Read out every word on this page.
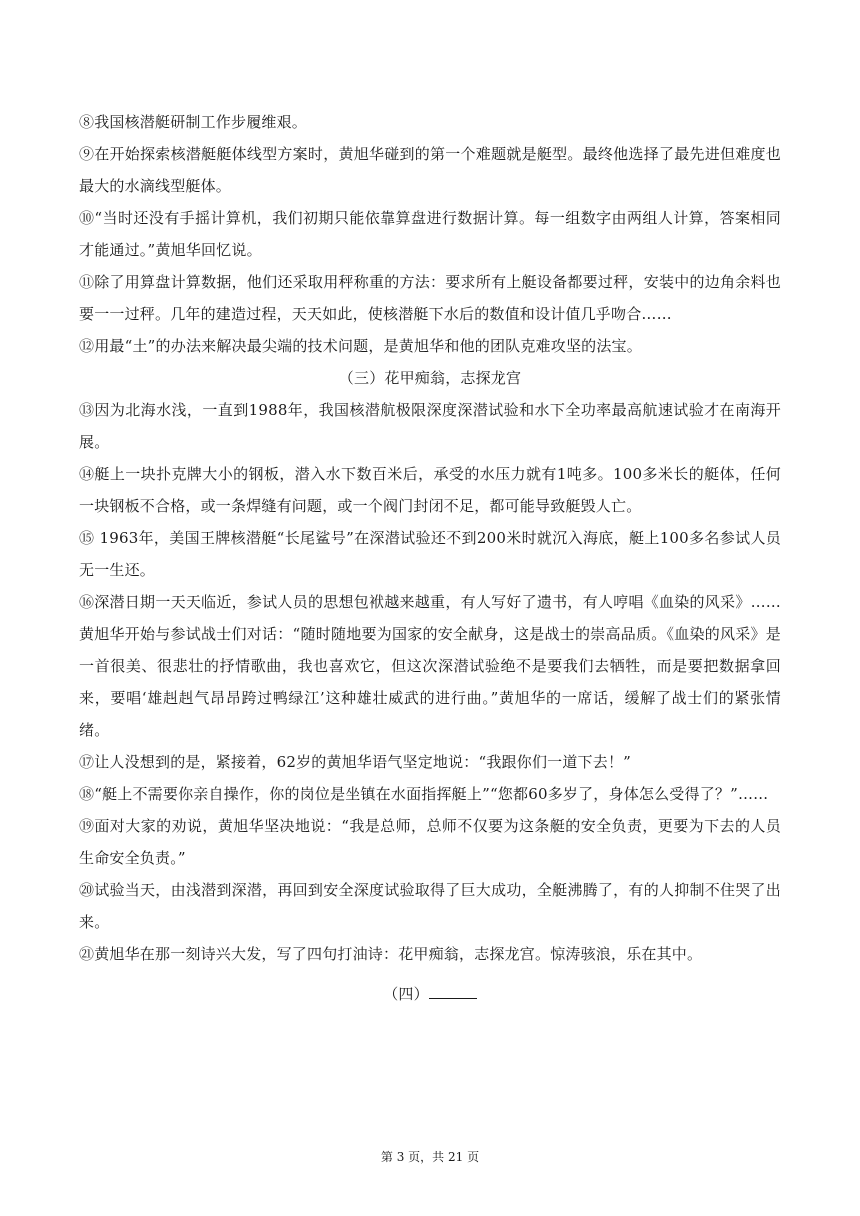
⑧我国核潜艇研制工作步履维艰。

⑨在开始探索核潜艇艇体线型方案时，黄旭华碰到的第一个难题就是艇型。最终他选择了最先进但难度也最大的水滴线型艇体。

⑩“当时还没有手摇计算机，我们初期只能依靠算盘进行数据计算。每一组数字由两组人计算，答案相同才能通过。”黄旭华回忆说。

⑪除了用算盘计算数据，他们还采取用秤称重的方法：要求所有上艇设备都要过秤，安装中的边角余料也要一一过秤。几年的建造过程，天天如此，使核潜艇下水后的数值和设计值几乎吻合……

⑫用最“土”的办法来解决最尖端的技术问题，是黄旭华和他的团队克难攻坚的法宝。

（三）花甲痴翁，志探龙宫

⑬因为北海水浅，一直到1988年，我国核潜航极限深度深潜试验和水下全功率最高航速试验才在南海开展。

⑭艇上一块扑克牌大小的钢板，潜入水下数百米后，承受的水压力就有1吨多。100多米长的艇体，任何一块钢板不合格，或一条焊缝有问题，或一个阀门封闭不足，都可能导致艇毁人亡。

⑮ 1963年，美国王牌核潜艇“长尾鲨号”在深潜试验还不到200米时就沉入海底，艇上100多名参试人员无一生还。

⑯深潜日期一天天临近，参试人员的思想包袱越来越重，有人写好了遗书，有人哼唱《血染的风采》……黄旭华开始与参试战士们对话：“随时随地要为国家的安全献身，这是战士的崇高品质。《血染的风采》是一首很美、很悲壮的抒情歌曲，我也喜欢它，但这次深潜试验绝不是要我们去牺牲，而是要把数据拿回来，要唱‘雄赳赳气昂昂跨过鸭绿江’这种雄壮威武的进行曲。”黄旭华的一席话，缓解了战士们的紧张情绪。

⑰让人没想到的是，紧接着，62岁的黄旭华语气坚定地说：“我跟你们一道下去！”

⑱“艇上不需要你亲自操作，你的岗位是坐镇在水面指挥艇上”“您都60多岁了，身体怎么受得了？”……

⑲面对大家的劝说，黄旭华坚决地说：“我是总师，总师不仅要为这条艇的安全负责，更要为下去的人员生命安全负责。”

⑳试验当天，由浅潜到深潜，再回到安全深度试验取得了巨大成功，全艇沸腾了，有的人抑制不住哭了出来。

㉑黄旭华在那一刻诗兴大发，写了四句打油诗：花甲痴翁，志探龙宫。惊涛骇浪，乐在其中。

（四）

第 3 页，共 21 页
